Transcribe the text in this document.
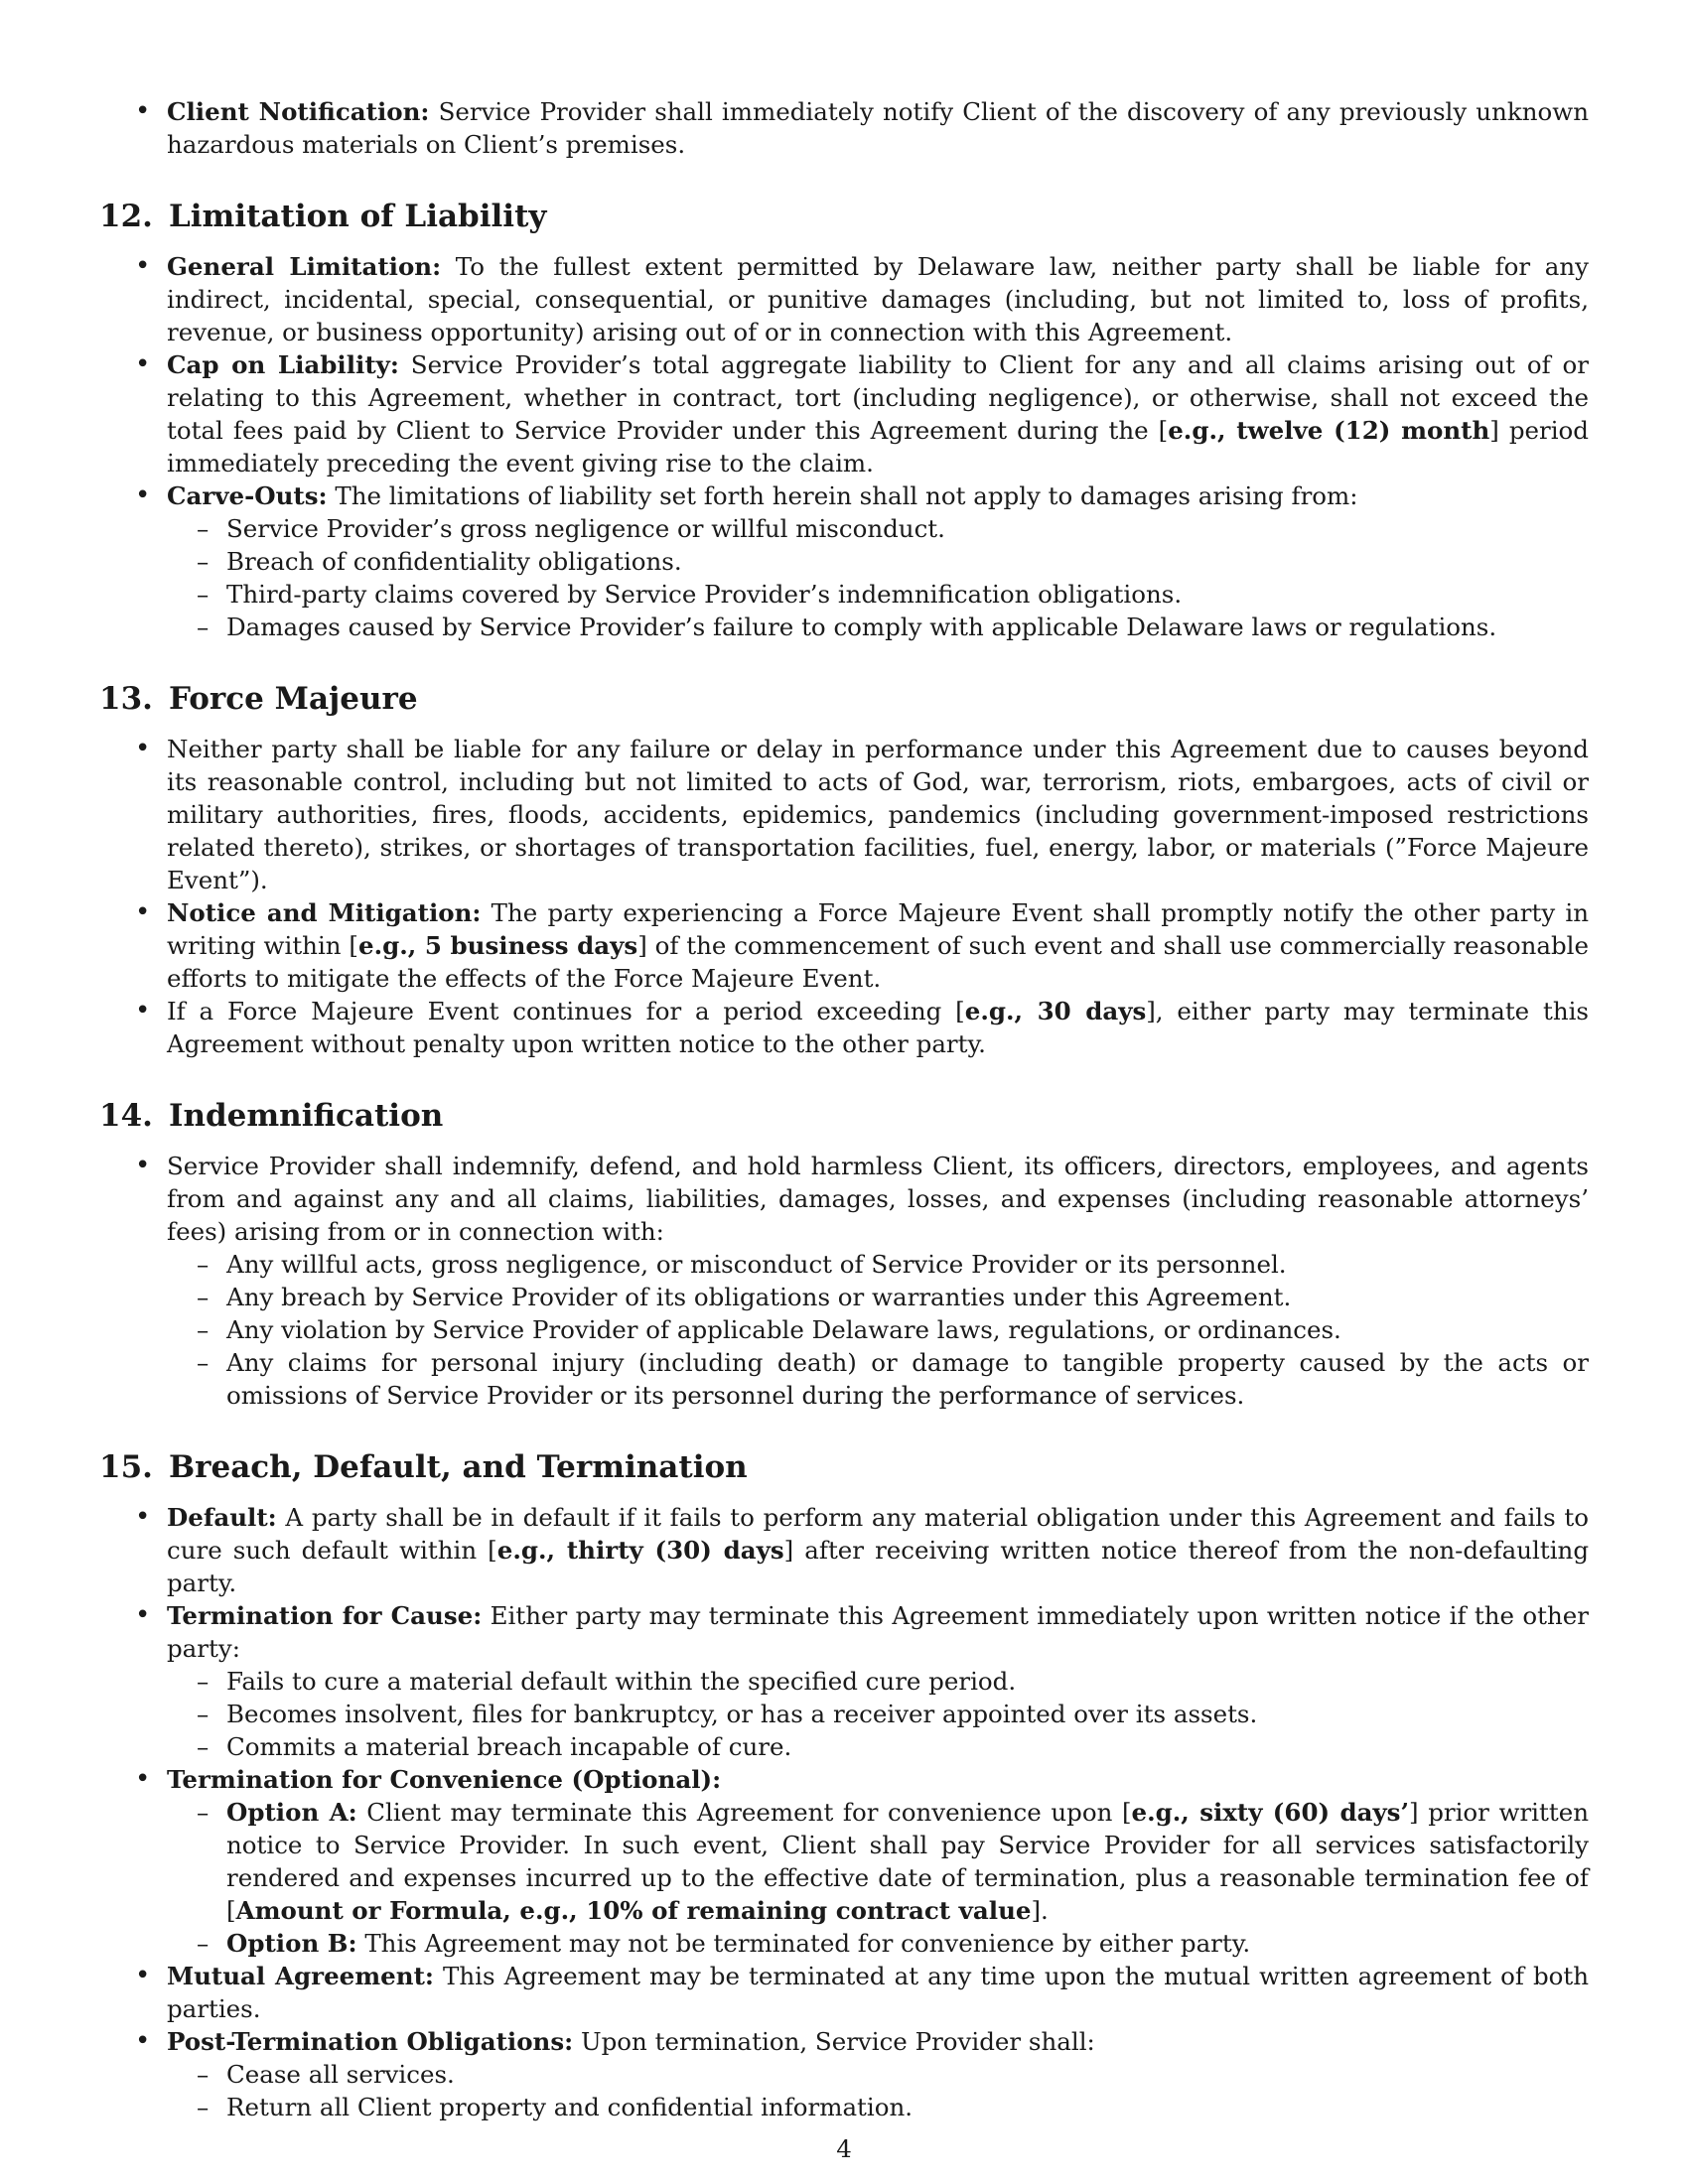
• Client Notification: Service Provider shall immediately notify Client of the discovery of any previously unknown hazardous materials on Client’s premises.
12. Limitation of Liability
• General Limitation: To the fullest extent permitted by Delaware law, neither party shall be liable for any indirect, incidental, special, consequential, or punitive damages (including, but not limited to, loss of profits, revenue, or business opportunity) arising out of or in connection with this Agreement.
• Cap on Liability: Service Provider’s total aggregate liability to Client for any and all claims arising out of or relating to this Agreement, whether in contract, tort (including negligence), or otherwise, shall not exceed the total fees paid by Client to Service Provider under this Agreement during the [e.g., twelve (12) month] period immediately preceding the event giving rise to the claim.
• Carve-Outs: The limitations of liability set forth herein shall not apply to damages arising from:
– Service Provider’s gross negligence or willful misconduct.
– Breach of confidentiality obligations.
– Third-party claims covered by Service Provider’s indemnification obligations.
– Damages caused by Service Provider’s failure to comply with applicable Delaware laws or regulations.
13. Force Majeure
• Neither party shall be liable for any failure or delay in performance under this Agreement due to causes beyond its reasonable control, including but not limited to acts of God, war, terrorism, riots, embargoes, acts of civil or military authorities, fires, floods, accidents, epidemics, pandemics (including government-imposed restrictions related thereto), strikes, or shortages of transportation facilities, fuel, energy, labor, or materials (”Force Majeure Event”).
• Notice and Mitigation: The party experiencing a Force Majeure Event shall promptly notify the other party in writing within [e.g., 5 business days] of the commencement of such event and shall use commercially reasonable efforts to mitigate the effects of the Force Majeure Event.
• If a Force Majeure Event continues for a period exceeding [e.g., 30 days], either party may terminate this Agreement without penalty upon written notice to the other party.
14. Indemnification
• Service Provider shall indemnify, defend, and hold harmless Client, its officers, directors, employees, and agents from and against any and all claims, liabilities, damages, losses, and expenses (including reasonable attorneys’ fees) arising from or in connection with:
– Any willful acts, gross negligence, or misconduct of Service Provider or its personnel.
– Any breach by Service Provider of its obligations or warranties under this Agreement.
– Any violation by Service Provider of applicable Delaware laws, regulations, or ordinances.
– Any claims for personal injury (including death) or damage to tangible property caused by the acts or omissions of Service Provider or its personnel during the performance of services.
15. Breach, Default, and Termination
• Default: A party shall be in default if it fails to perform any material obligation under this Agreement and fails to cure such default within [e.g., thirty (30) days] after receiving written notice thereof from the non-defaulting party.
• Termination for Cause: Either party may terminate this Agreement immediately upon written notice if the other party:
– Fails to cure a material default within the specified cure period.
– Becomes insolvent, files for bankruptcy, or has a receiver appointed over its assets.
– Commits a material breach incapable of cure.
• Termination for Convenience (Optional):
– Option A: Client may terminate this Agreement for convenience upon [e.g., sixty (60) days’] prior written notice to Service Provider. In such event, Client shall pay Service Provider for all services satisfactorily rendered and expenses incurred up to the effective date of termination, plus a reasonable termination fee of [Amount or Formula, e.g., 10% of remaining contract value].
– Option B: This Agreement may not be terminated for convenience by either party.
• Mutual Agreement: This Agreement may be terminated at any time upon the mutual written agreement of both parties.
• Post-Termination Obligations: Upon termination, Service Provider shall:
– Cease all services.
– Return all Client property and confidential information.
4
